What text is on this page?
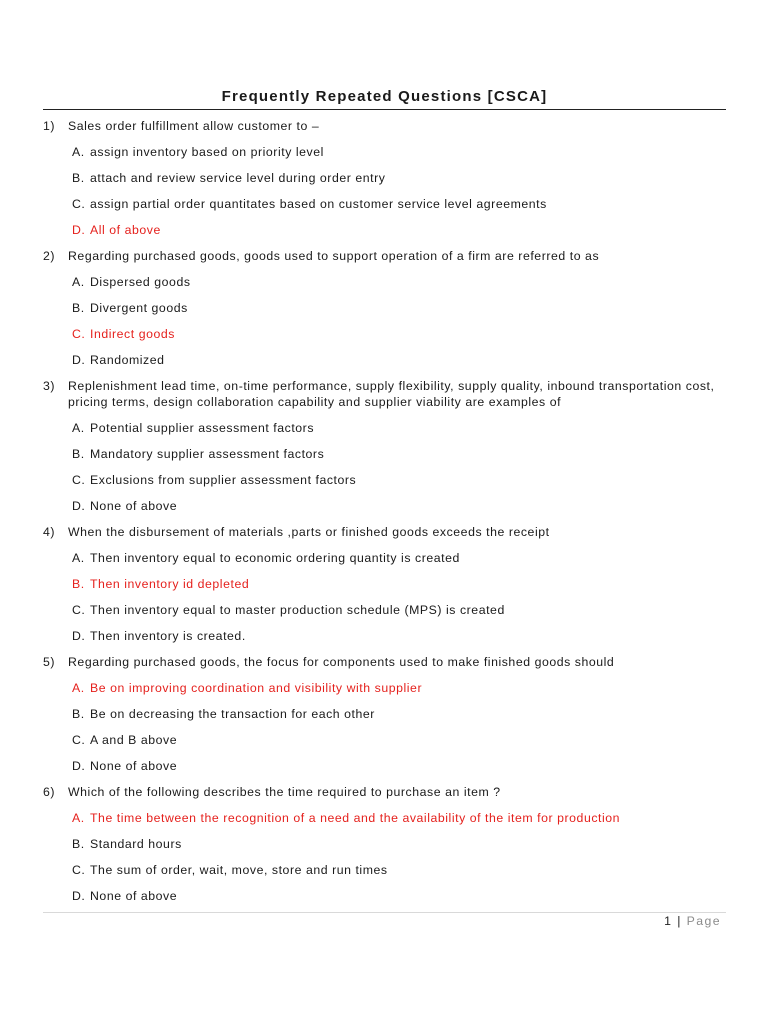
Frequently Repeated Questions [CSCA]
1)	Sales order fulfillment allow customer to –
A. assign inventory based on priority level
B. attach and review service level during order entry
C. assign partial order quantitates based on customer service level agreements
D. All of above
2)	Regarding purchased goods, goods used to support operation of a firm are referred to as
A. Dispersed goods
B. Divergent goods
C. Indirect goods
D. Randomized
3)	Replenishment lead time, on-time performance, supply flexibility, supply quality, inbound transportation cost, pricing terms, design collaboration capability and supplier viability are examples of
A. Potential supplier assessment factors
B. Mandatory supplier assessment factors
C. Exclusions from supplier assessment factors
D. None of above
4)	When the disbursement of materials ,parts or finished goods exceeds the receipt
A. Then inventory equal to economic ordering quantity is created
B. Then inventory id depleted
C. Then inventory equal to master production schedule (MPS) is created
D. Then inventory is created.
5)	Regarding purchased goods, the focus for components used to make finished goods should
A. Be on improving coordination and visibility with supplier
B. Be on decreasing the transaction for each other
C. A and B above
D. None of above
6)	Which of the following describes the time required to purchase an item ?
A. The time between the recognition of a need and the availability of the item for production
B. Standard hours
C. The sum of order, wait, move, store and run times
D. None of above
1 | Page
